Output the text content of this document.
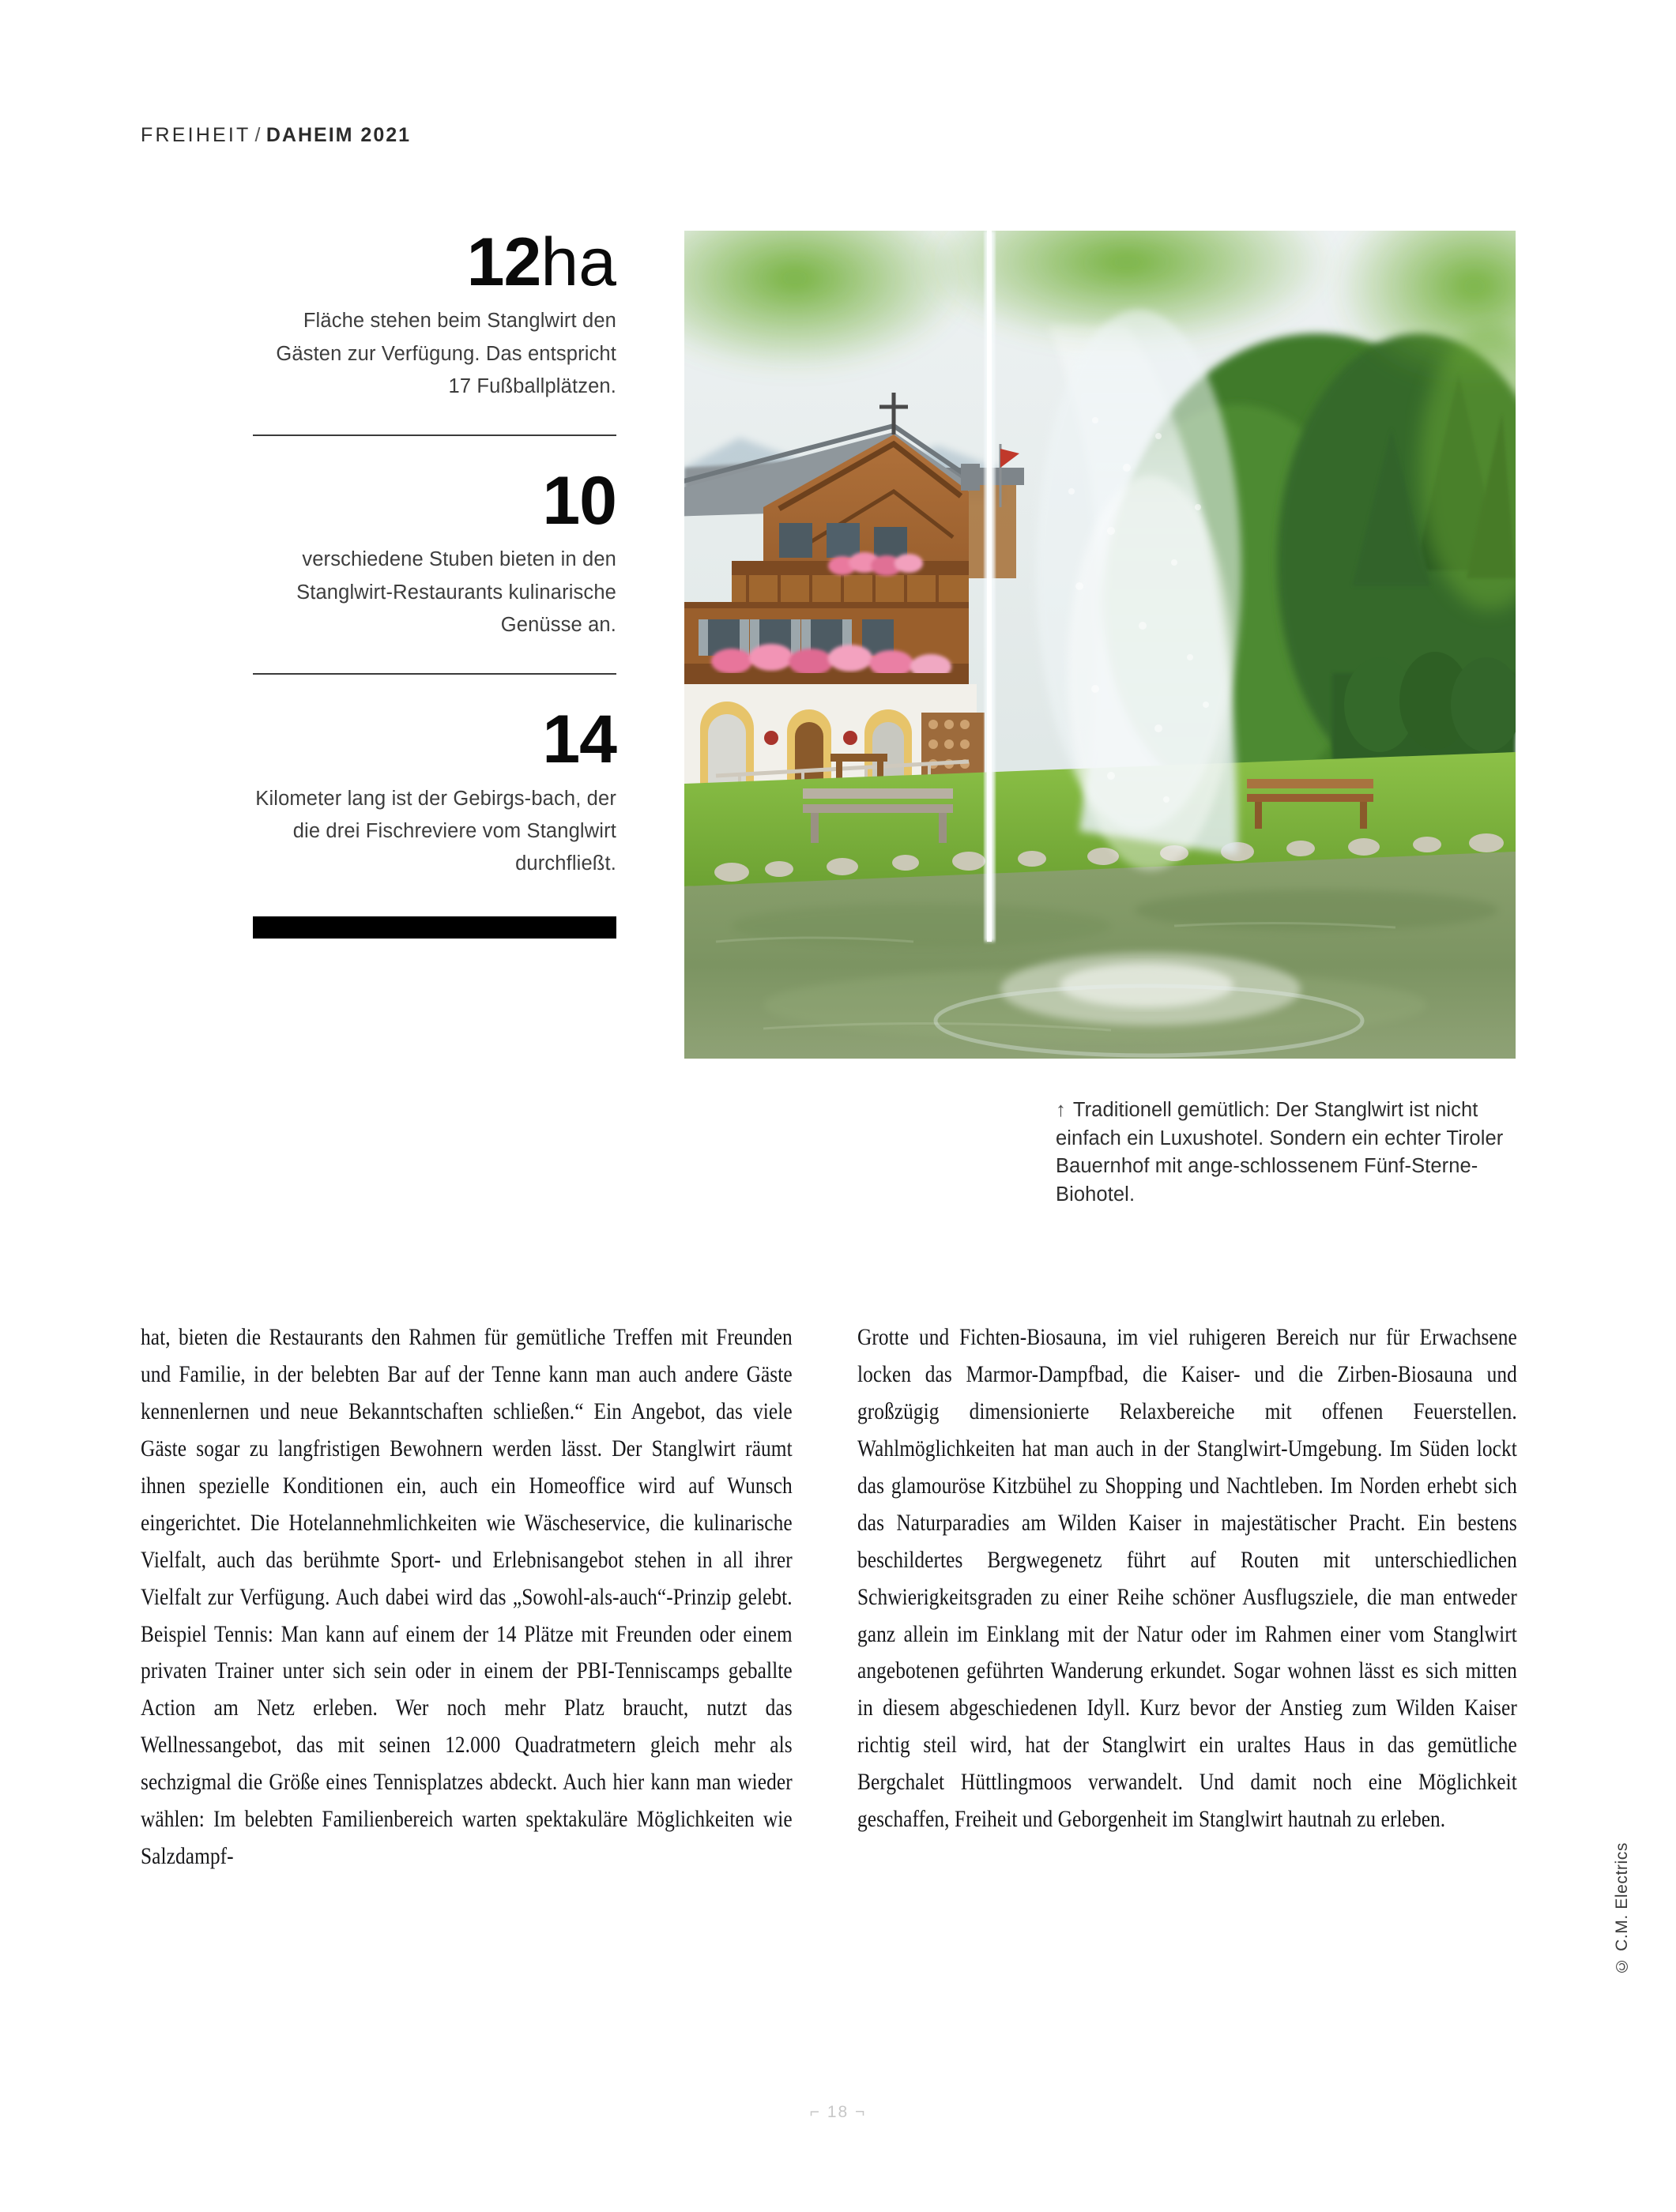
FREIHEIT / DAHEIM 2021
12ha
Fläche stehen beim Stanglwirt den Gästen zur Verfügung. Das entspricht 17 Fußballplätzen.
10
verschiedene Stuben bieten in den Stanglwirt-Restaurants kulinarische Genüsse an.
14
Kilometer lang ist der Gebirgs-bach, der die drei Fischreviere vom Stanglwirt durchfließt.
↑ Traditionell gemütlich: Der Stanglwirt ist nicht einfach ein Luxushotel. Sondern ein echter Tiroler Bauernhof mit ange-schlossenem Fünf-Sterne-Biohotel.

hat, bieten die Restaurants den Rahmen für gemütliche Treffen mit Freunden und Familie, in der belebten Bar auf der Tenne kann man auch andere Gäste kennenlernen und neue Bekanntschaften schließen.“ Ein Angebot, das viele Gäste sogar zu langfristigen Bewohnern werden lässt. Der Stanglwirt räumt ihnen spezielle Konditionen ein, auch ein Homeoffice wird auf Wunsch eingerichtet. Die Hotelannehmlichkeiten wie Wäscheservice, die kulinarische Vielfalt, auch das berühmte Sport- und Erlebnisangebot stehen in all ihrer Vielfalt zur Verfügung. Auch dabei wird das „Sowohl-als-auch“-Prinzip gelebt. Beispiel Tennis: Man kann auf einem der 14 Plätze mit Freunden oder einem privaten Trainer unter sich sein oder in einem der PBI-Tenniscamps geballte Action am Netz erleben. Wer noch mehr Platz braucht, nutzt das Wellnessangebot, das mit seinen 12.000 Quadratmetern gleich mehr als sechzigmal die Größe eines Tennisplatzes abdeckt. Auch hier kann man wieder wählen: Im belebten Familienbereich warten spektakuläre Möglichkeiten wie Salzdampf-

Grotte und Fichten-Biosauna, im viel ruhigeren Bereich nur für Erwachsene locken das Marmor-Dampfbad, die Kaiser- und die Zirben-Biosauna und großzügig dimensionierte Relaxbereiche mit offenen Feuerstellen. Wahlmöglichkeiten hat man auch in der Stanglwirt-Umgebung. Im Süden lockt das glamouröse Kitzbühel zu Shopping und Nachtleben. Im Norden erhebt sich das Naturparadies am Wilden Kaiser in majestätischer Pracht. Ein bestens beschildertes Bergwegenetz führt auf Routen mit unterschiedlichen Schwierigkeitsgraden zu einer Reihe schöner Ausflugsziele, die man entweder ganz allein im Einklang mit der Natur oder im Rahmen einer vom Stanglwirt angebotenen geführten Wanderung erkundet. Sogar wohnen lässt es sich mitten in diesem abgeschiedenen Idyll. Kurz bevor der Anstieg zum Wilden Kaiser richtig steil wird, hat der Stanglwirt ein uraltes Haus in das gemütliche Bergchalet Hüttlingmoos verwandelt. Und damit noch eine Möglichkeit geschaffen, Freiheit und Geborgenheit im Stanglwirt hautnah zu erleben.

© C.M. Electrics
⌐ 18 ¬
